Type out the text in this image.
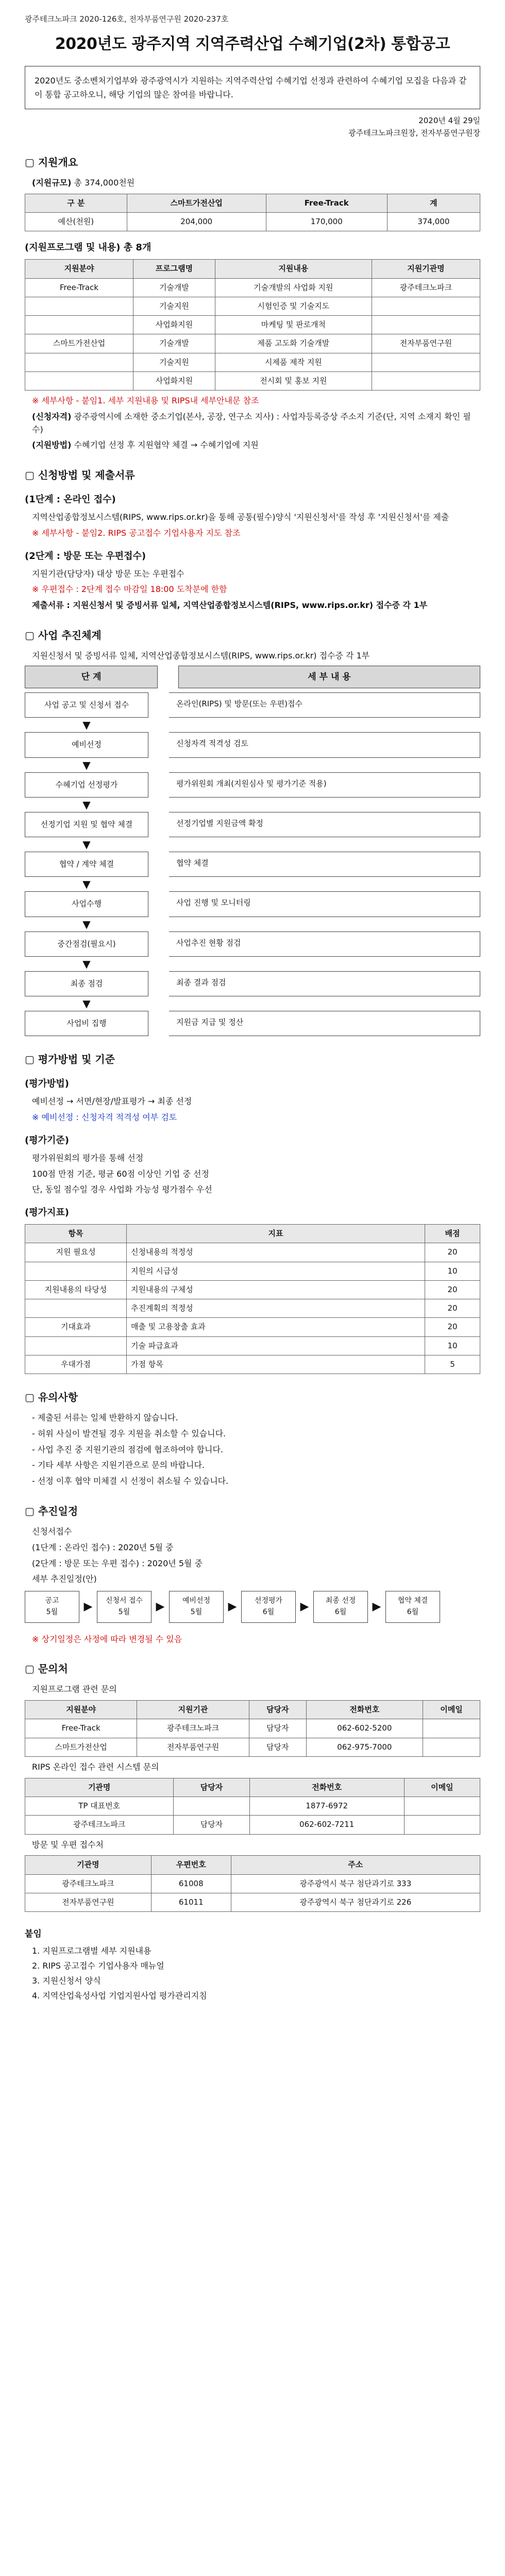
광주테크노파크 2020-126호, 전자부품연구원 2020-237호
2020년도 광주지역 지역주력산업 수혜기업(2차) 통합공고
2020년도 중소벤처기업부와 광주광역시가 지원하는 지역주력산업 수혜기업 선정과 관련하여 수혜기업 모집을 다음과 같이 통합 공고하오니, 해당 기업의 많은 참여를 바랍니다.
2020년 4월 29일
광주테크노파크원장, 전자부품연구원장
▢ 지원개요

(지원규모) 총 374,000천원

구 분	스마트가전산업	Free-Track	계
예산(천원)	204,000	170,000	374,000
(지원프로그램 및 내용) 총 8개
지원분야	프로그램명	지원내용	지원기관명
Free-Track	기술개발	기술개발의 사업화 지원	광주테크노파크
	기술지원	시험인증 및 기술지도	
	사업화지원	마케팅 및 판로개척	
스마트가전산업	기술개발	제품 고도화 기술개발	전자부품연구원
	기술지원	시제품 제작 지원	
	사업화지원	전시회 및 홍보 지원	

※ 세부사항 - 붙임1. 세부 지원내용 및 RIPS내 세부안내문 참조

(신청자격) 광주광역시에 소재한 중소기업(본사, 공장, 연구소 지사) : 사업자등록증상 주소지 기준(단, 지역 소재지 확인 필수)

(지원방법) 수혜기업 선정 후 지원협약 체결 → 수혜기업에 지원

▢ 신청방법 및 제출서류
(1단계 : 온라인 접수)

지역산업종합정보시스템(RIPS, www.rips.or.kr)을 통해 공통(필수)양식 '지원신청서'를 작성 후 '지원신청서'를 제출

※ 세부사항 - 붙임2. RIPS 공고접수 기업사용자 지도 참조

(2단계 : 방문 또는 우편접수)

지원기관(담당자) 대상 방문 또는 우편접수

※ 우편접수 : 2단계 접수 마감일 18:00 도착분에 한함

제출서류 : 지원신청서 및 증빙서류 일체, 지역산업종합정보시스템(RIPS, www.rips.or.kr) 접수증 각 1부

▢ 사업 추진체계

지원신청서 및 증빙서류 일체, 지역산업종합정보시스템(RIPS, www.rips.or.kr) 접수증 각 1부

단 계	세 부 내 용
사업 공고 및 신청서 접수	온라인(RIPS) 및 방문(또는 우편)접수
▼
예비선정	신청자격 적격성 검토
▼
수혜기업 선정평가	평가위원회 개최(지원심사 및 평가기준 적용)
▼
선정기업 지원 및 협약 체결	선정기업별 지원금액 확정
▼
협약 / 계약 체결	협약 체결
▼
사업수행	사업 진행 및 모니터링
▼
중간점검(필요시)	사업추진 현황 점검
▼
최종 점검	최종 결과 점검
▼
사업비 집행	지원금 지급 및 정산
▢ 평가방법 및 기준
(평가방법)

예비선정 → 서면/현장/발표평가 → 최종 선정

※ 예비선정 : 신청자격 적격성 여부 검토

(평가기준)

평가위원회의 평가를 통해 선정

100점 만점 기준, 평균 60점 이상인 기업 중 선정

단, 동일 점수일 경우 사업화 가능성 평가점수 우선

(평가지표)
항목	지표	배점
지원 필요성	신청내용의 적정성	20
	지원의 시급성	10
지원내용의 타당성	지원내용의 구체성	20
	추진계획의 적정성	20
기대효과	매출 및 고용창출 효과	20
	기술 파급효과	10
우대가점	가점 항목	5
▢ 유의사항

- 제출된 서류는 일체 반환하지 않습니다.

- 허위 사실이 발견될 경우 지원을 취소할 수 있습니다.

- 사업 추진 중 지원기관의 점검에 협조하여야 합니다.

- 기타 세부 사항은 지원기관으로 문의 바랍니다.

- 선정 이후 협약 미체결 시 선정이 취소될 수 있습니다.

▢ 추진일정

신청서접수

(1단계 : 온라인 접수) : 2020년 5월 중

(2단계 : 방문 또는 우편 접수) : 2020년 5월 중

세부 추진일정(안)

공고
5월	▶	신청서 접수
5월	▶	예비선정
5월	▶	선정평가
6월	▶	최종 선정
6월	▶	협약 체결
6월

※ 상기일정은 사정에 따라 변경될 수 있음

▢ 문의처

지원프로그램 관련 문의

지원분야	지원기관	담당자	전화번호	이메일
Free-Track	광주테크노파크	담당자	062-602-5200	
스마트가전산업	전자부품연구원	담당자	062-975-7000	

RIPS 온라인 접수 관련 시스템 문의

기관명	담당자	전화번호	이메일
TP 대표번호		1877-6972	
광주테크노파크	담당자	062-602-7211	

방문 및 우편 접수처

기관명	우편번호	주소
광주테크노파크	61008	광주광역시 북구 첨단과기로 333
전자부품연구원	61011	광주광역시 북구 첨단과기로 226
붙임
1. 지원프로그램별 세부 지원내용
2. RIPS 공고접수 기업사용자 매뉴얼
3. 지원신청서 양식
4. 지역산업육성사업 기업지원사업 평가관리지침
